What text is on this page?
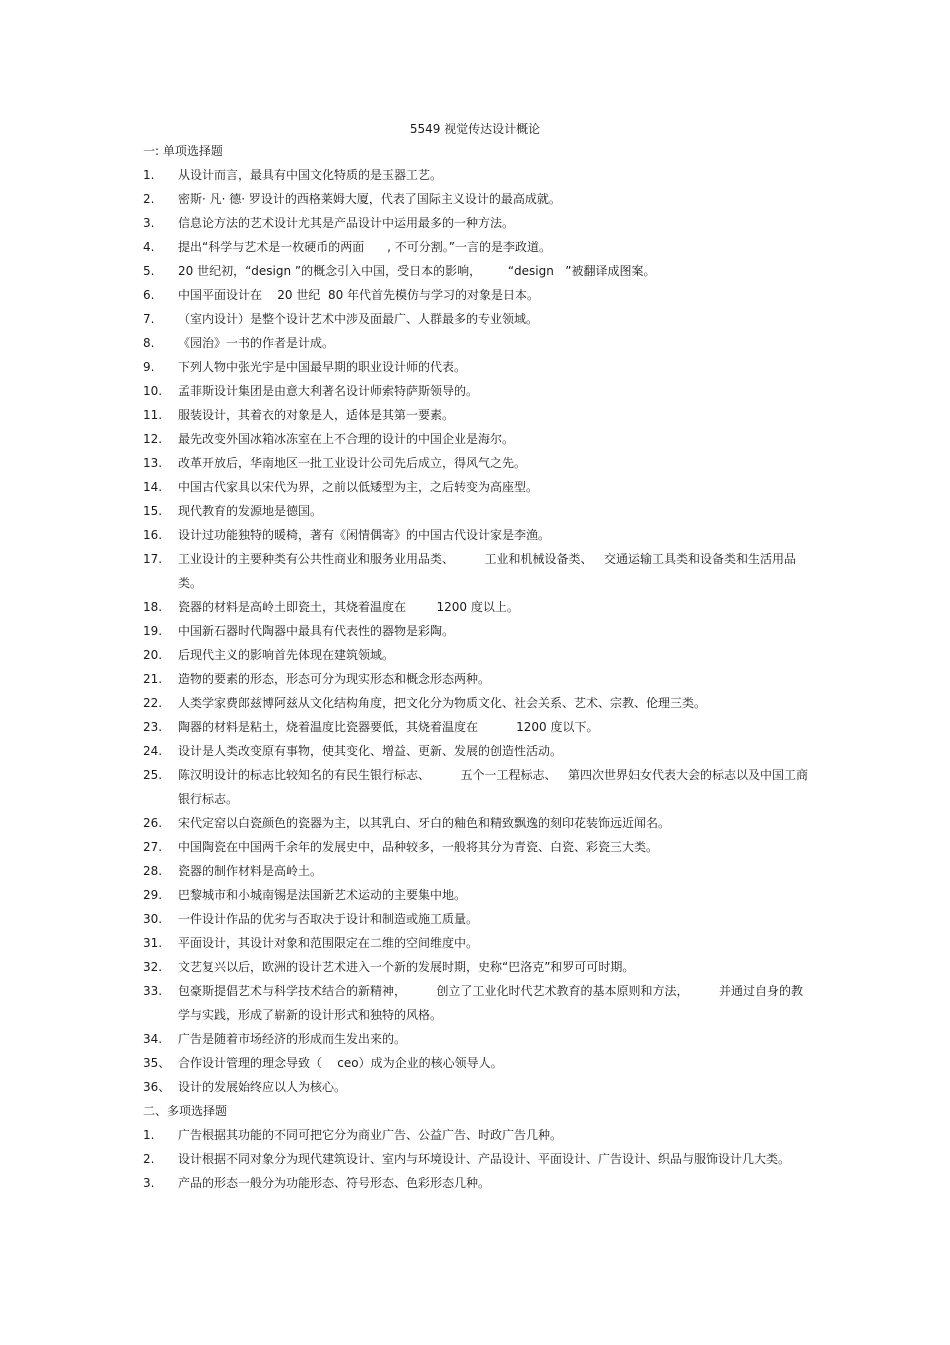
5549 视觉传达设计概论
一: 单项选择题
1.	从设计而言，最具有中国文化特质的是玉器工艺。
2.	密斯· 凡· 德· 罗设计的西格莱姆大厦，代表了国际主义设计的最高成就。
3.	信息论方法的艺术设计尤其是产品设计中运用最多的一种方法。
4.	提出“科学与艺术是一枚硬币的两面      , 不可分割。”一言的是李政道。
5.	20 世纪初，“design ”的概念引入中国，受日本的影响，       “design   ”被翻译成图案。
6.	中国平面设计在    20 世纪  80 年代首先模仿与学习的对象是日本。
7.	（室内设计）是整个设计艺术中涉及面最广、人群最多的专业领域。
8.	《园治》一书的作者是计成。
9.	下列人物中张光宇是中国最早期的职业设计师的代表。
10.	孟菲斯设计集团是由意大利著名设计师索特萨斯领导的。
11.	服装设计，其着衣的对象是人，适体是其第一要素。
12.	最先改变外国冰箱冰冻室在上不合理的设计的中国企业是海尔。
13.	改革开放后，华南地区一批工业设计公司先后成立，得风气之先。
14.	中国古代家具以宋代为界，之前以低矮型为主，之后转变为高座型。
15.	现代教育的发源地是德国。
16.	设计过功能独特的暖椅，著有《闲情偶寄》的中国古代设计家是李渔。
17.	工业设计的主要种类有公共性商业和服务业用品类、        工业和机械设备类、   交通运输工具类和设备类和生活用品类。
18.	瓷器的材料是高岭土即瓷土，其烧着温度在        1200 度以上。
19.	中国新石器时代陶器中最具有代表性的器物是彩陶。
20.	后现代主义的影响首先体现在建筑领域。
21.	造物的要素的形态，形态可分为现实形态和概念形态两种。
22.	人类学家费郎兹博阿兹从文化结构角度，把文化分为物质文化、社会关系、艺术、宗教、伦理三类。
23.	陶器的材料是粘土，烧着温度比瓷器要低，其烧着温度在          1200 度以下。
24.	设计是人类改变原有事物，使其变化、增益、更新、发展的创造性活动。
25.	陈汉明设计的标志比较知名的有民生银行标志、        五个一工程标志、   第四次世界妇女代表大会的标志以及中国工商银行标志。
26.	宋代定窑以白瓷颜色的瓷器为主，以其乳白、牙白的釉色和精致飘逸的刻印花装饰远近闻名。
27.	中国陶瓷在中国两千余年的发展史中，品种较多，一般将其分为青瓷、白瓷、彩瓷三大类。
28.	瓷器的制作材料是高岭土。
29.	巴黎城市和小城南锡是法国新艺术运动的主要集中地。
30.	一件设计作品的优劣与否取决于设计和制造或施工质量。
31.	平面设计，其设计对象和范围限定在二维的空间维度中。
32.	文艺复兴以后，欧洲的设计艺术进入一个新的发展时期，史称“巴洛克”和罗可可时期。
33.	包豪斯提倡艺术与科学技术结合的新精神，        创立了工业化时代艺术教育的基本原则和方法，        并通过自身的教学与实践，形成了崭新的设计形式和独特的风格。
34.	广告是随着市场经济的形成而生发出来的。
35、 合作设计管理的理念导致（    ceo）成为企业的核心领导人。
36、 设计的发展始终应以人为核心。
二、多项选择题
1.	广告根据其功能的不同可把它分为商业广告、公益广告、时政广告几种。
2.	设计根据不同对象分为现代建筑设计、室内与环境设计、产品设计、平面设计、广告设计、织品与服饰设计几大类。
3.	产品的形态一般分为功能形态、符号形态、色彩形态几种。
